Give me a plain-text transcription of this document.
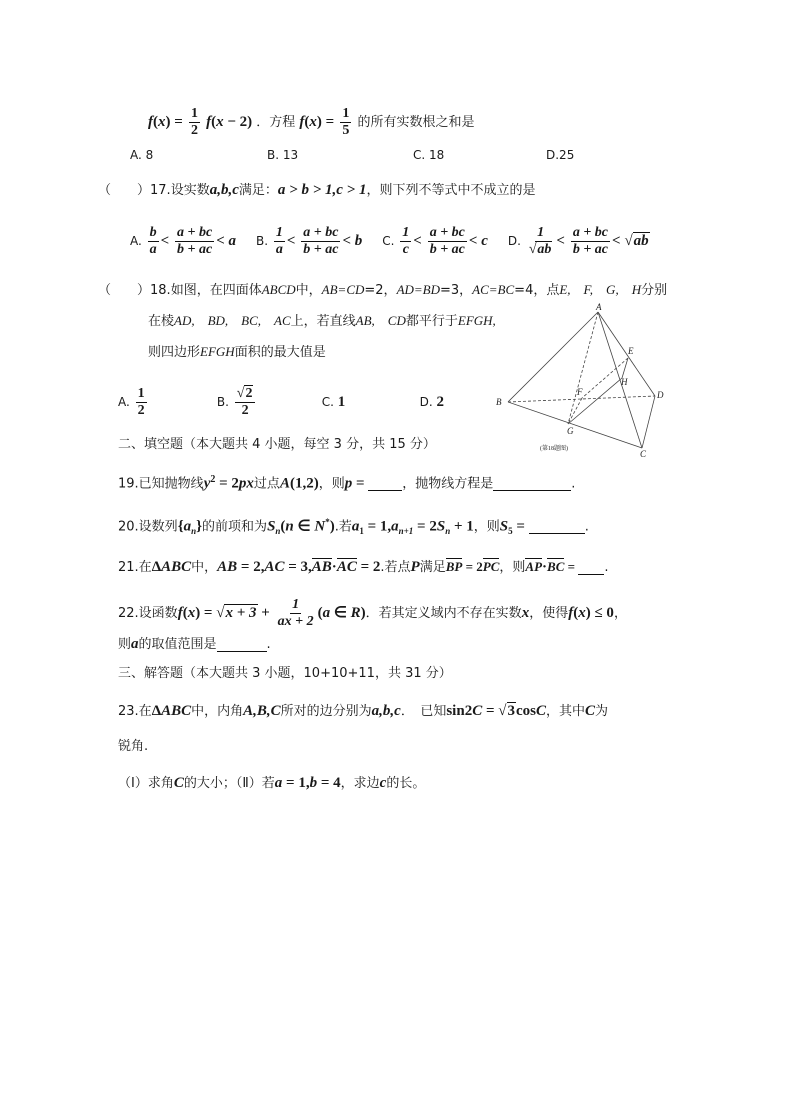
$f(x) = \frac{1}{2} f(x - 2)$ ．方程 $f(x) = \frac{1}{5}$ 的所有实数根之和是
A. 8	B. 13	C. 18	D.25
（　　）17.设实数a,b,c满足：a > b > 1,c > 1，则下列不等式中不成立的是
A. $\frac{b}{a} < \frac{a + bc}{b + ac} < a$ B. $\frac{1}{a} < \frac{a + bc}{b + ac} < b$ C. $\frac{1}{c} < \frac{a + bc}{b + ac} < c$ D. $\frac{1}{√ab} < \frac{a + bc}{b + ac} < √ab$
（　　）18.如图，在四面体ABCD中，AB=CD=2，AD=BD=3，AC=BC=4，点E,　F,　G,　H分别
在棱AD,　BD,　BC,　AC上，若直线AB,　CD都平行于EFGH,
则四边形EFGH面积的最大值是
A. $\frac{1}{2}$	B. $\frac{√2}{2}$	C. 1	D. 2
A
B
C
D
E
F
G
H
(第18题图)
二、填空题（本大题共 4 小题，每空 3 分，共 15 分）
19.已知抛物线$y^2 = 2px$过点A(1,2)，则p =	，抛物线方程是	.
20.设数列$\{a_n\}$的前项和为$S_n(n$ ∈ N*).若$a_1 = 1,a_{n+1} = 2S_n + 1$，则$S_5$ =	.
21.在ΔABC中，AB = 2,AC = 3,AB·AC = 2.若点P满足BP = 2PC，则AP·BC = .
22.设函数$f(x) = √x + 3 + \frac{1}{ax + 2} (a$ ∈ R)．若其定义域内不存在实数x，使得f(x) ≤ 0，
则a的取值范围是	.
三、解答题（本大题共 3 小题，10+10+11，共 31 分）
23.在ΔABC中，内角A,B,C所对的边分别为a,b,c．　已知sin2C = √3cosC，其中C为
锐角.
（Ⅰ）求角C的大小；（Ⅱ）若a = 1,b = 4，求边c的长。
